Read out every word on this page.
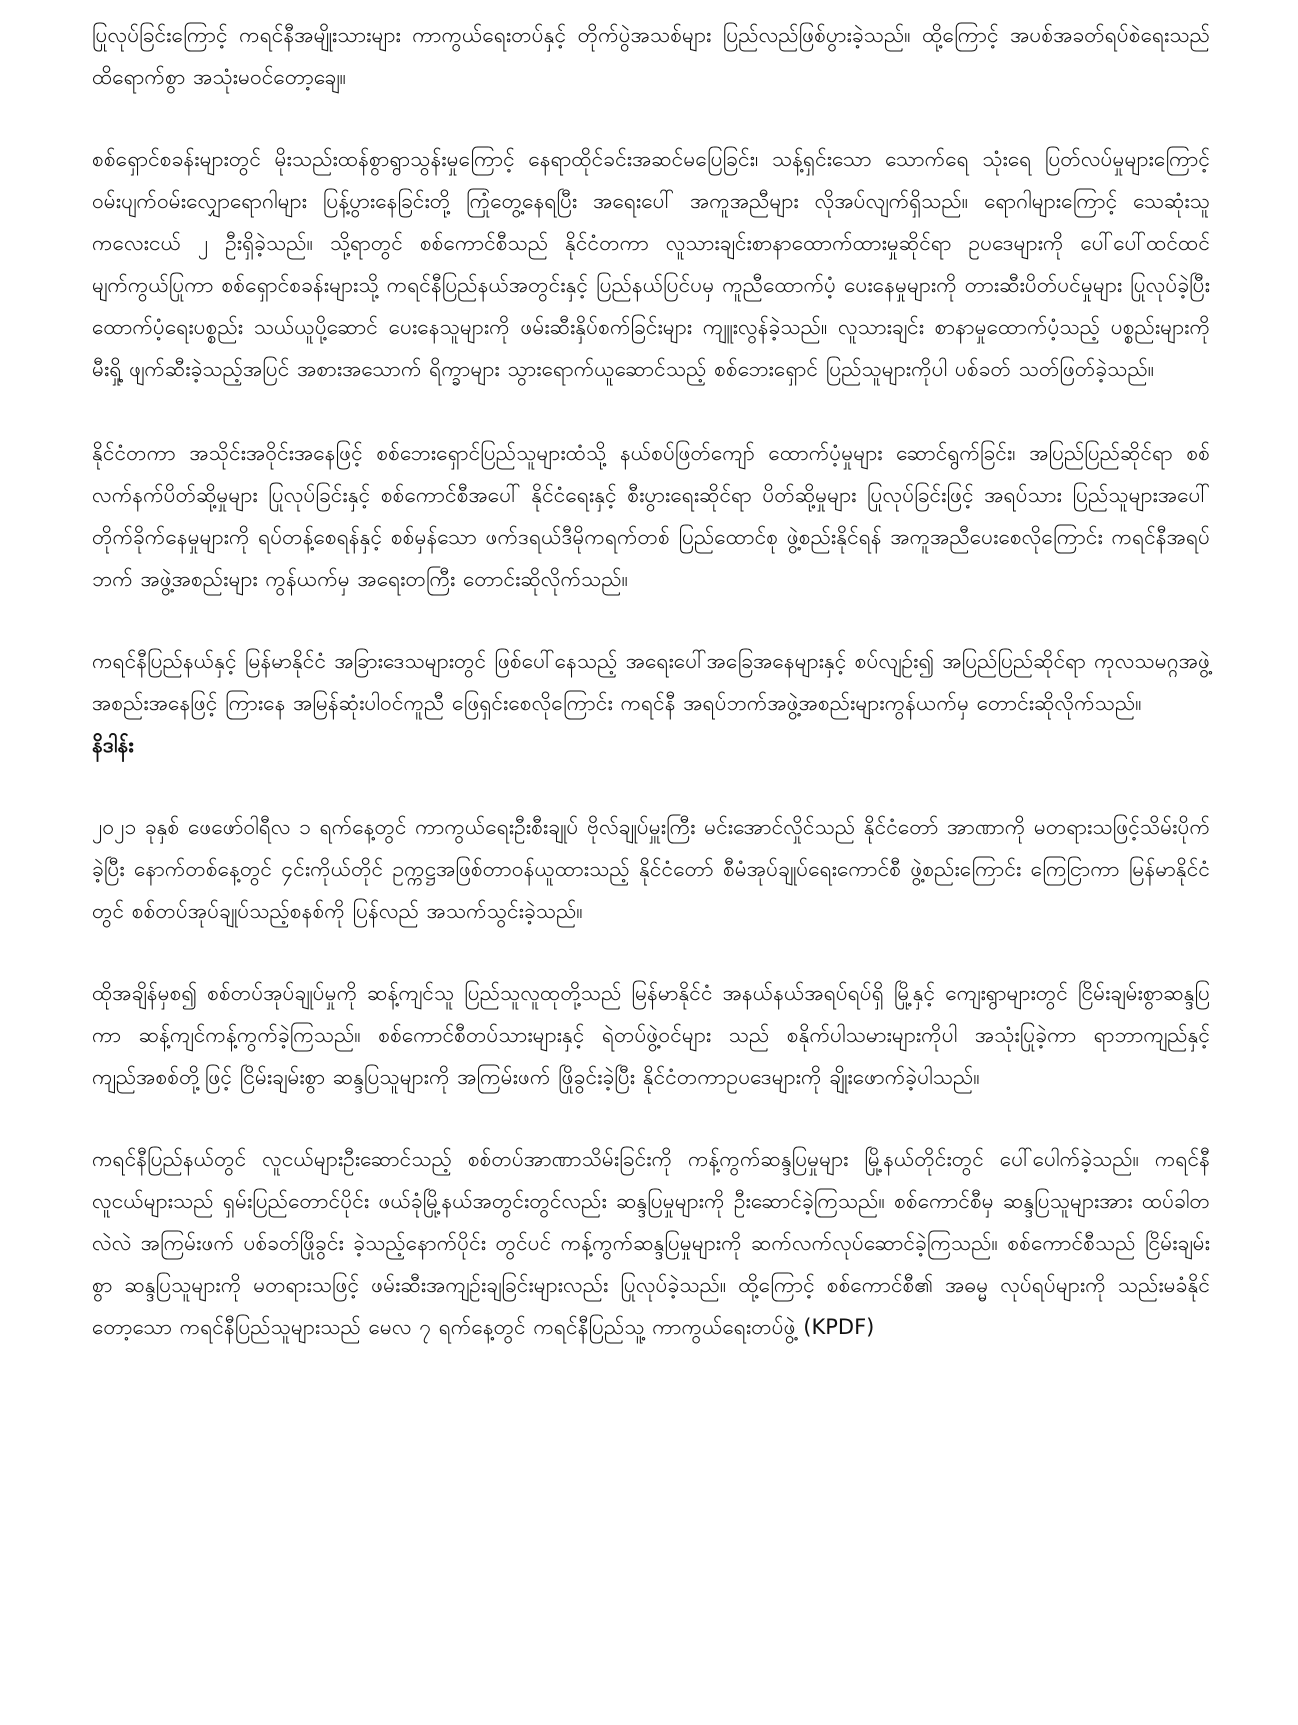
ပြုလုပ်ခြင်းကြောင့် ကရင်နီအမျိုးသားများ ကာကွယ်ရေးတပ်နှင့် တိုက်ပွဲအသစ်များ ပြည်လည်ဖြစ်ပွားခဲ့သည်။ ထို့ကြောင့် အပစ်အခတ်ရပ်စဲရေးသည် ထိရောက်စွာ အသုံးမဝင်တော့ချေ။

စစ်ရှောင်စခန်းများတွင် မိုးသည်းထန်စွာရွာသွန်းမှုကြောင့် နေရာထိုင်ခင်းအဆင်မပြေခြင်း၊ သန့်ရှင်းသော သောက်ရေ သုံးရေ ပြတ်လပ်မှုများကြောင့် ဝမ်းပျက်ဝမ်းလျှောရောဂါများ ပြန့်ပွားနေခြင်းတို့ ကြုံတွေ့နေရပြီး အရေးပေါ် အကူအညီများ လိုအပ်လျက်ရှိသည်။ ရောဂါများကြောင့် သေဆုံးသူ ကလေးငယ် ၂ ဦးရှိခဲ့သည်။ သို့ရာတွင် စစ်ကောင်စီသည် နိုင်ငံတကာ လူသားချင်းစာနာထောက်ထားမှုဆိုင်ရာ ဥပဒေများကို ပေါ်ပေါ်ထင်ထင် မျက်ကွယ်ပြုကာ စစ်ရှောင်စခန်းများသို့ ကရင်နီပြည်နယ်အတွင်းနှင့် ပြည်နယ်ပြင်ပမှ ကူညီထောက်ပံ့ ပေးနေမှုများကို တားဆီးပိတ်ပင်မှုများ ပြုလုပ်ခဲ့ပြီး ထောက်ပံ့ရေးပစ္စည်း သယ်ယူပို့ဆောင် ပေးနေသူများကို ဖမ်းဆီးနှိပ်စက်ခြင်းများ ကျူးလွန်ခဲ့သည်။ လူသားချင်း စာနာမှုထောက်ပံ့သည့် ပစ္စည်းများကို မီးရှို့ ဖျက်ဆီးခဲ့သည့်အပြင် အစားအသောက် ရိက္ခာများ သွားရောက်ယူဆောင်သည့် စစ်ဘေးရှောင် ပြည်သူများကိုပါ ပစ်ခတ် သတ်ဖြတ်ခဲ့သည်။

နိုင်ငံတကာ အသိုင်းအဝိုင်းအနေဖြင့် စစ်ဘေးရှောင်ပြည်သူများထံသို့ နယ်စပ်ဖြတ်ကျော် ထောက်ပံ့မှုများ ဆောင်ရွက်ခြင်း၊ အပြည်ပြည်ဆိုင်ရာ စစ်လက်နက်ပိတ်ဆို့မှုများ ပြုလုပ်ခြင်းနှင့် စစ်ကောင်စီအပေါ် နိုင်ငံရေးနှင့် စီးပွားရေးဆိုင်ရာ ပိတ်ဆို့မှုများ ပြုလုပ်ခြင်းဖြင့် အရပ်သား ပြည်သူများအပေါ် တိုက်ခိုက်နေမှုများကို ရပ်တန့်စေရန်နှင့် စစ်မှန်သော ဖက်ဒရယ်ဒီမိုကရက်တစ် ပြည်ထောင်စု ဖွဲ့စည်းနိုင်ရန် အကူအညီပေးစေလိုကြောင်း ကရင်နီအရပ်ဘက် အဖွဲ့အစည်းများ ကွန်ယက်မှ အရေးတကြီး တောင်းဆိုလိုက်သည်။

ကရင်နီပြည်နယ်နှင့် မြန်မာနိုင်ငံ အခြားဒေသများတွင် ဖြစ်ပေါ်နေသည့် အရေးပေါ်အခြေအနေများနှင့် စပ်လျဉ်း၍ အပြည်ပြည်ဆိုင်ရာ ကုလသမဂ္ဂအဖွဲ့အစည်းအနေဖြင့် ကြားနေ အမြန်ဆုံးပါဝင်ကူညီ ဖြေရှင်းစေလိုကြောင်း ကရင်နီ အရပ်ဘက်အဖွဲ့အစည်းများကွန်ယက်မှ တောင်းဆိုလိုက်သည်။

နိဒါန်း

၂၀၂၁ ခုနှစ် ဖေဖော်ဝါရီလ ၁ ရက်နေ့တွင် ကာကွယ်ရေးဦးစီးချုပ် ဗိုလ်ချုပ်မှူးကြီး မင်းအောင်လှိုင်သည် နိုင်ငံတော် အာဏာကို မတရားသဖြင့်သိမ်းပိုက်ခဲ့ပြီး နောက်တစ်နေ့တွင် ၄င်းကိုယ်တိုင် ဥက္ကဋ္ဌအဖြစ်တာဝန်ယူထားသည့် နိုင်ငံတော် စီမံအုပ်ချုပ်ရေးကောင်စီ ဖွဲ့စည်းကြောင်း ကြေငြာကာ မြန်မာနိုင်ငံတွင် စစ်တပ်အုပ်ချုပ်သည့်စနစ်ကို ပြန်လည် အသက်သွင်းခဲ့သည်။

ထိုအချိန်မှစ၍ စစ်တပ်အုပ်ချုပ်မှုကို ဆန့်ကျင်သူ ပြည်သူလူထုတို့သည် မြန်မာနိုင်ငံ အနယ်နယ်အရပ်ရပ်ရှိ မြို့နှင့် ကျေးရွာများတွင် ငြိမ်းချမ်းစွာဆန္ဒပြကာ ဆန့်ကျင်ကန့်ကွက်ခဲ့ကြသည်။ စစ်ကောင်စီတပ်သားများနှင့် ရဲတပ်ဖွဲ့ဝင်များ သည် စနိုက်ပါသမားများကိုပါ အသုံးပြုခဲ့ကာ ရာဘာကျည်နှင့် ကျည်အစစ်တို့ဖြင့် ငြိမ်းချမ်းစွာ ဆန္ဒပြသူများကို အကြမ်းဖက် ဖြိုခွင်းခဲ့ပြီး နိုင်ငံတကာဥပဒေများကို ချိုးဖောက်ခဲ့ပါသည်။

ကရင်နီပြည်နယ်တွင် လူငယ်များဦးဆောင်သည့် စစ်တပ်အာဏာသိမ်းခြင်းကို ကန့်ကွက်ဆန္ဒပြမှုများ မြို့နယ်တိုင်းတွင် ပေါ်ပေါက်ခဲ့သည်။ ကရင်နီလူငယ်များသည် ရှမ်းပြည်တောင်ပိုင်း ဖယ်ခုံမြို့နယ်အတွင်းတွင်လည်း ဆန္ဒပြမှုများကို ဦးဆောင်ခဲ့ကြသည်။ စစ်ကောင်စီမှ ဆန္ဒပြသူများအား ထပ်ခါတလဲလဲ အကြမ်းဖက် ပစ်ခတ်ဖြိုခွင်း ခဲ့သည့်နောက်ပိုင်း တွင်ပင် ကန့်ကွက်ဆန္ဒပြမှုများကို ဆက်လက်လုပ်ဆောင်ခဲ့ကြသည်။ စစ်ကောင်စီသည် ငြိမ်းချမ်းစွာ ဆန္ဒပြသူများကို မတရားသဖြင့် ဖမ်းဆီးအကျဉ်းချခြင်းများလည်း ပြုလုပ်ခဲ့သည်။ ထို့ကြောင့် စစ်ကောင်စီ၏ အဓမ္မ လုပ်ရပ်များကို သည်းမခံနိုင်တော့သော ကရင်နီပြည်သူများသည် မေလ ၇ ရက်နေ့တွင် ကရင်နီပြည်သူ့ ကာကွယ်ရေးတပ်ဖွဲ့ (KPDF)
